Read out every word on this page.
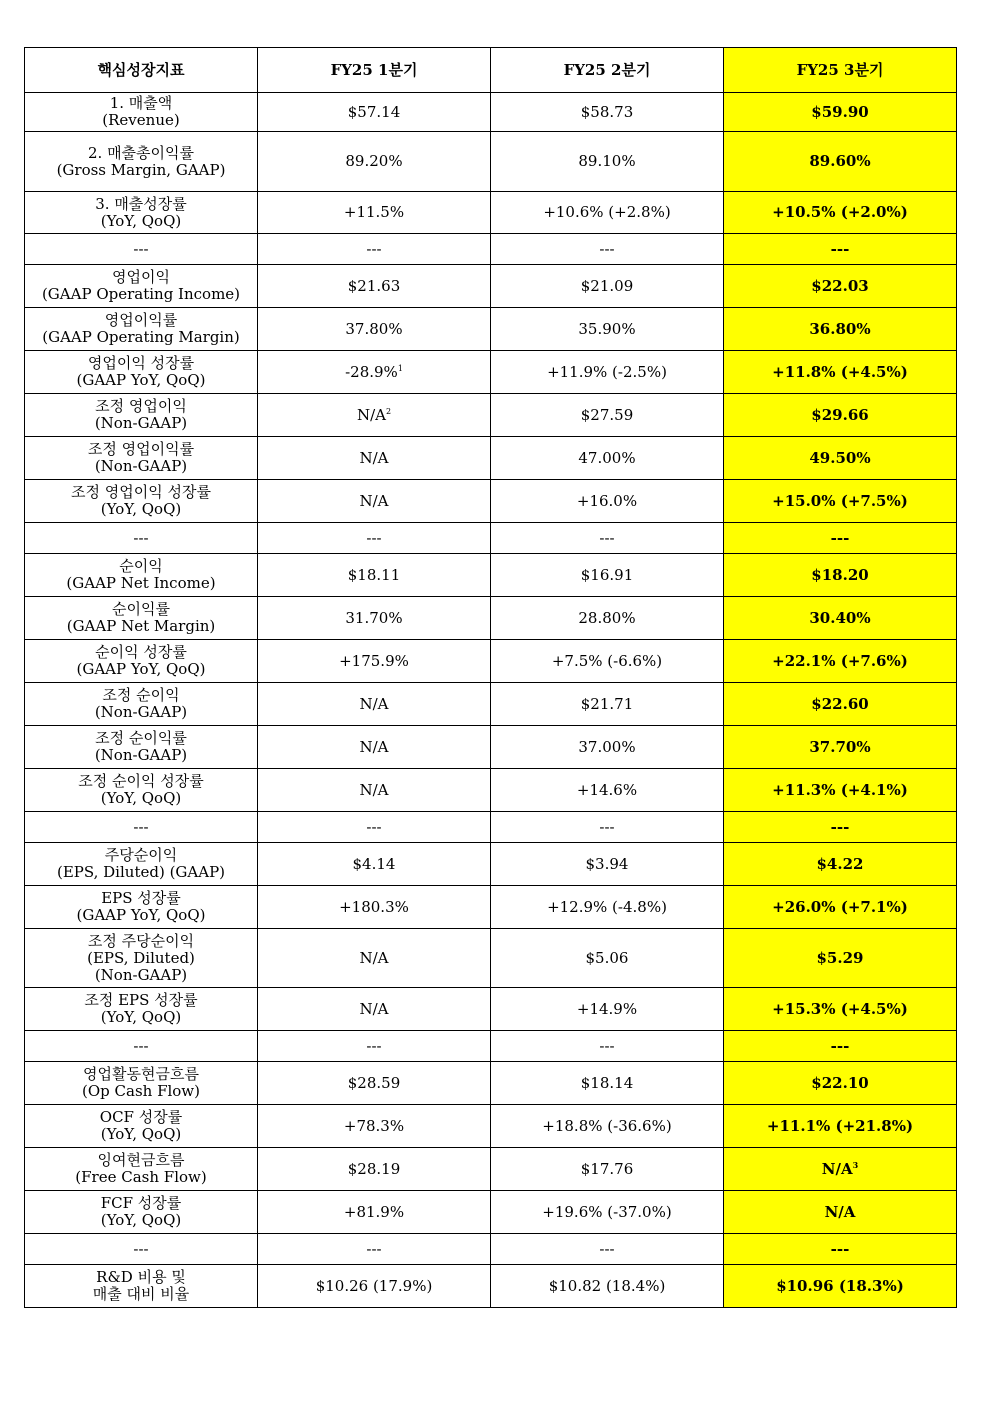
핵심성장지표	FY25 1분기	FY25 2분기	FY25 3분기

1. 매출액
(Revenue)	$57.14	$58.73	$59.90

2. 매출총이익률
(Gross Margin, GAAP)	89.20%	89.10%	89.60%

3. 매출성장률
(YoY, QoQ)	+11.5%	+10.6% (+2.8%)	+10.5% (+2.0%)

---	---	---	---

영업이익
(GAAP Operating Income)	$21.63	$21.09	$22.03

영업이익률
(GAAP Operating Margin)	37.80%	35.90%	36.80%

영업이익 성장률
(GAAP YoY, QoQ)	-28.9%$^1$	+11.9% (-2.5%)	+11.8% (+4.5%)

조정 영업이익
(Non-GAAP)	$N/A^2$	$27.59	$29.66

조정 영업이익률
(Non-GAAP)	N/A	47.00%	49.50%

조정 영업이익 성장률
(YoY, QoQ)	N/A	+16.0%	+15.0% (+7.5%)

---	---	---	---

순이익
(GAAP Net Income)	$18.11	$16.91	$18.20

순이익률
(GAAP Net Margin)	31.70%	28.80%	30.40%

순이익 성장률
(GAAP YoY, QoQ)	+175.9%	+7.5% (-6.6%)	+22.1% (+7.6%)

조정 순이익
(Non-GAAP)	N/A	$21.71	$22.60

조정 순이익률
(Non-GAAP)	N/A	37.00%	37.70%

조정 순이익 성장률
(YoY, QoQ)	N/A	+14.6%	+11.3% (+4.1%)

---	---	---	---

주당순이익
(EPS, Diluted) (GAAP)	$4.14	$3.94	$4.22

EPS 성장률
(GAAP YoY, QoQ)	+180.3%	+12.9% (-4.8%)	+26.0% (+7.1%)

조정 주당순이익
(EPS, Diluted)
(Non-GAAP)	N/A	$5.06	$5.29

조정 EPS 성장률
(YoY, QoQ)	N/A	+14.9%	+15.3% (+4.5%)

---	---	---	---

영업활동현금흐름
(Op Cash Flow)	$28.59	$18.14	$22.10

OCF 성장률
(YoY, QoQ)	+78.3%	+18.8% (-36.6%)	+11.1% (+21.8%)

잉여현금흐름
(Free Cash Flow)	$28.19	$17.76	$N/A^3$

FCF 성장률
(YoY, QoQ)	+81.9%	+19.6% (-37.0%)	N/A

---	---	---	---

R&D 비용 및
매출 대비 비율	$10.26 (17.9%)	$10.82 (18.4%)	$10.96 (18.3%)
